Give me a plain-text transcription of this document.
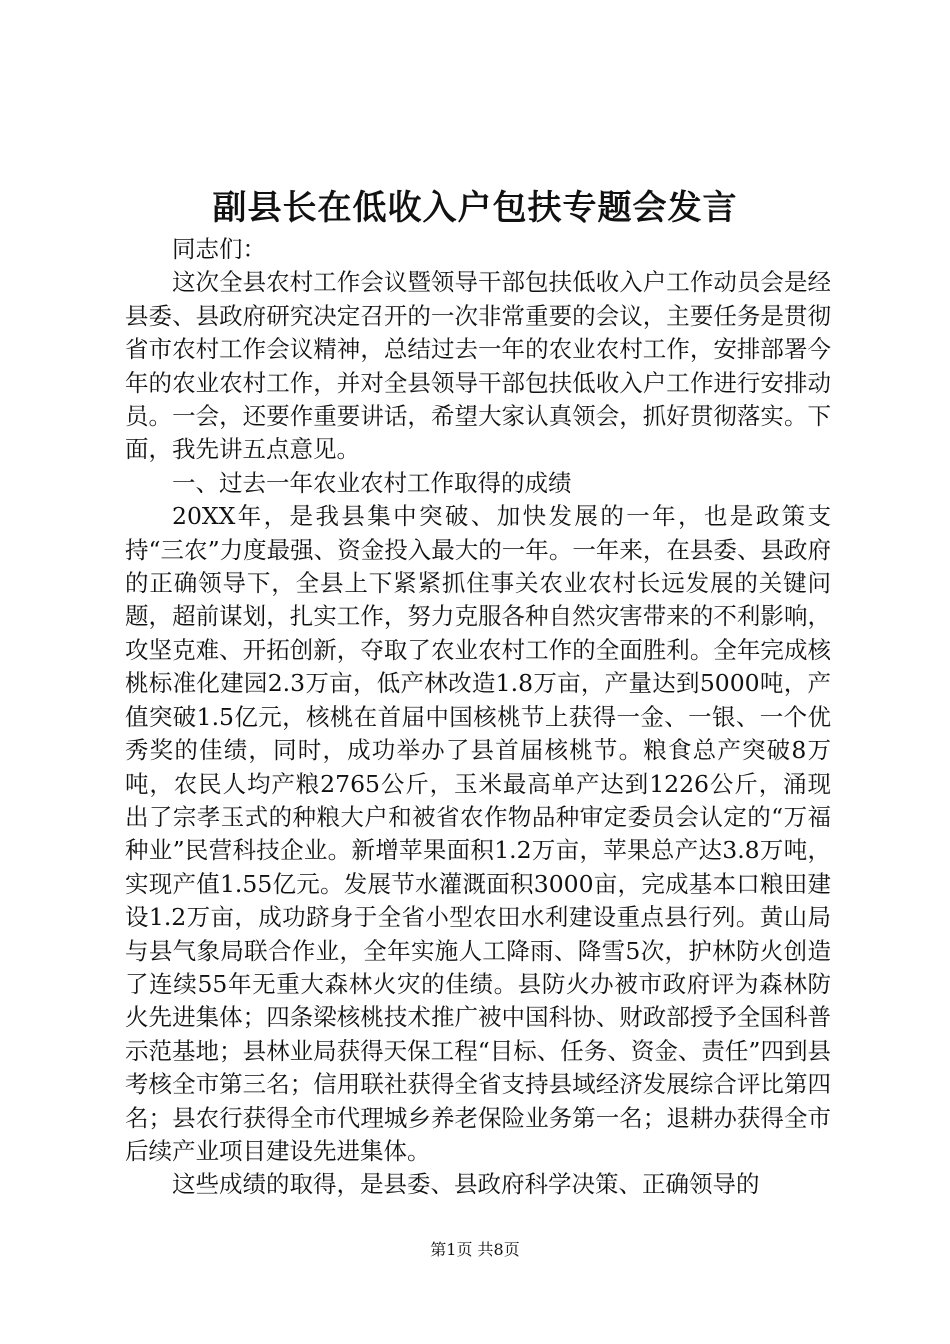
副县长在低收入户包扶专题会发言

同志们：

这次全县农村工作会议暨领导干部包扶低收入户工作动员会是经县委、县政府研究决定召开的一次非常重要的会议，主要任务是贯彻省市农村工作会议精神，总结过去一年的农业农村工作，安排部署今年的农业农村工作，并对全县领导干部包扶低收入户工作进行安排动员。一会，还要作重要讲话，希望大家认真领会，抓好贯彻落实。下面，我先讲五点意见。

一、过去一年农业农村工作取得的成绩

20XX年，是我县集中突破、加快发展的一年，也是政策支持“三农”力度最强、资金投入最大的一年。一年来，在县委、县政府的正确领导下，全县上下紧紧抓住事关农业农村长远发展的关键问题，超前谋划，扎实工作，努力克服各种自然灾害带来的不利影响，攻坚克难、开拓创新，夺取了农业农村工作的全面胜利。全年完成核桃标准化建园2.3万亩，低产林改造1.8万亩，产量达到5000吨，产值突破1.5亿元，核桃在首届中国核桃节上获得一金、一银、一个优秀奖的佳绩，同时，成功举办了县首届核桃节。粮食总产突破8万吨，农民人均产粮2765公斤，玉米最高单产达到1226公斤，涌现出了宗孝玉式的种粮大户和被省农作物品种审定委员会认定的“万福种业”民营科技企业。新增苹果面积1.2万亩，苹果总产达3.8万吨，实现产值1.55亿元。发展节水灌溉面积3000亩，完成基本口粮田建设1.2万亩，成功跻身于全省小型农田水利建设重点县行列。黄山局与县气象局联合作业，全年实施人工降雨、降雪5次，护林防火创造了连续55年无重大森林火灾的佳绩。县防火办被市政府评为森林防火先进集体；四条梁核桃技术推广被中国科协、财政部授予全国科普示范基地；县林业局获得天保工程“目标、任务、资金、责任”四到县考核全市第三名；信用联社获得全省支持县域经济发展综合评比第四名；县农行获得全市代理城乡养老保险业务第一名；退耕办获得全市后续产业项目建设先进集体。

这些成绩的取得，是县委、县政府科学决策、正确领导的

第1页 共8页
